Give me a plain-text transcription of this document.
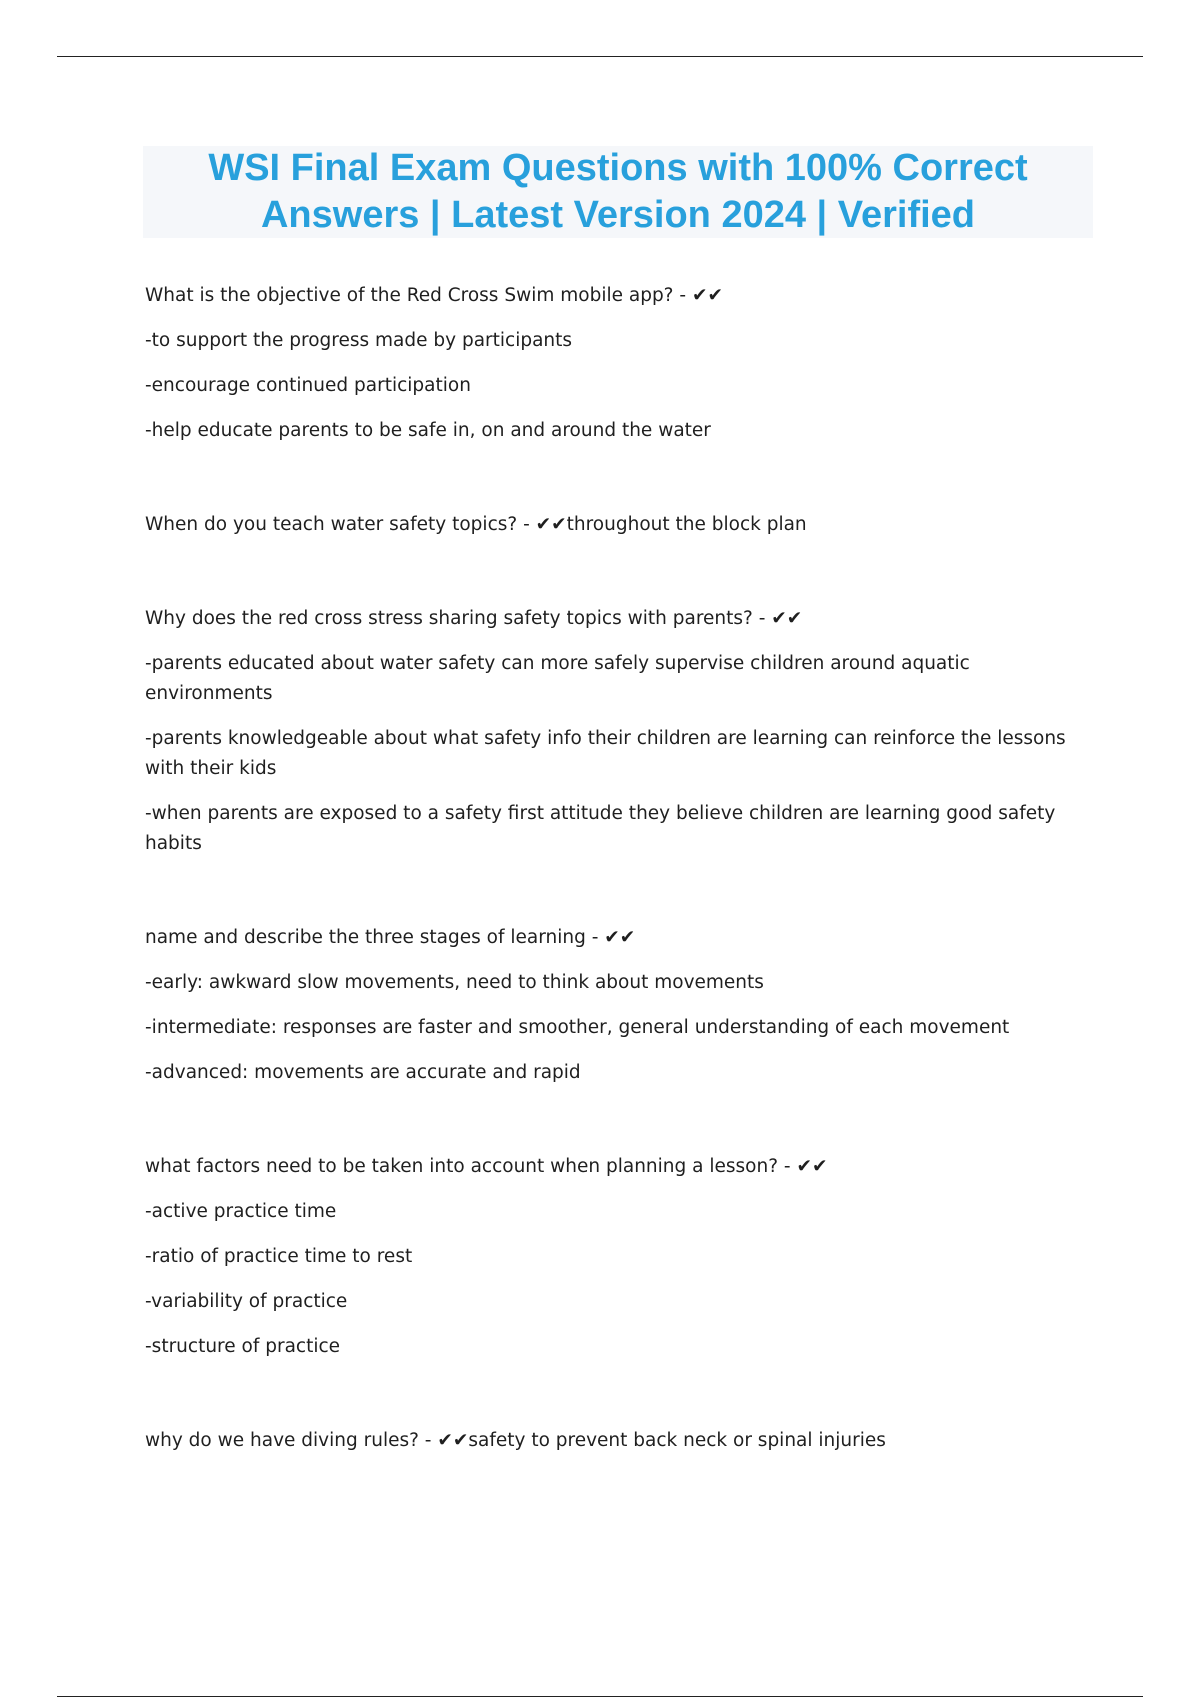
WSI Final Exam Questions with 100% Correct
Answers | Latest Version 2024 | Verified
What is the objective of the Red Cross Swim mobile app? - ✔✔
-to support the progress made by participants
-encourage continued participation
-help educate parents to be safe in, on and around the water
When do you teach water safety topics? - ✔✔throughout the block plan
Why does the red cross stress sharing safety topics with parents? - ✔✔
-parents educated about water safety can more safely supervise children around aquatic environments
-parents knowledgeable about what safety info their children are learning can reinforce the lessons with their kids
-when parents are exposed to a safety first attitude they believe children are learning good safety habits
name and describe the three stages of learning - ✔✔
-early: awkward slow movements, need to think about movements
-intermediate: responses are faster and smoother, general understanding of each movement
-advanced: movements are accurate and rapid
what factors need to be taken into account when planning a lesson? - ✔✔
-active practice time
-ratio of practice time to rest
-variability of practice
-structure of practice
why do we have diving rules? - ✔✔safety to prevent back neck or spinal injuries
